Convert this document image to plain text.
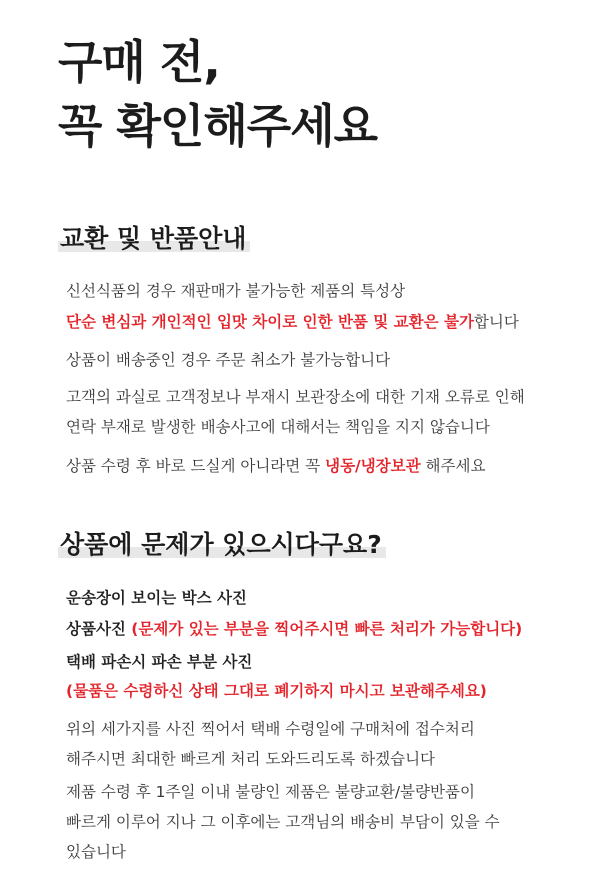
구매 전,
꼭 확인해주세요
교환 및 반품안내

신선식품의 경우 재판매가 불가능한 제품의 특성상

단순 변심과 개인적인 입맛 차이로 인한 반품 및 교환은 불가합니다

상품이 배송중인 경우 주문 취소가 불가능합니다

고객의 과실로 고객정보나 부재시 보관장소에 대한 기재 오류로 인해

연락 부재로 발생한 배송사고에 대해서는 책임을 지지 않습니다

상품 수령 후 바로 드실게 아니라면 꼭 냉동/냉장보관 해주세요

상품에 문제가 있으시다구요?

운송장이 보이는 박스 사진

상품사진 (문제가 있는 부분을 찍어주시면 빠른 처리가 가능합니다)

택배 파손시 파손 부분 사진

(물품은 수령하신 상태 그대로 폐기하지 마시고 보관해주세요)

위의 세가지를 사진 찍어서 택배 수령일에 구매처에 접수처리

해주시면 최대한 빠르게 처리 도와드리도록 하겠습니다

제품 수령 후 1주일 이내 불량인 제품은 불량교환/불량반품이

빠르게 이루어 지나 그 이후에는 고객님의 배송비 부담이 있을 수

있습니다
